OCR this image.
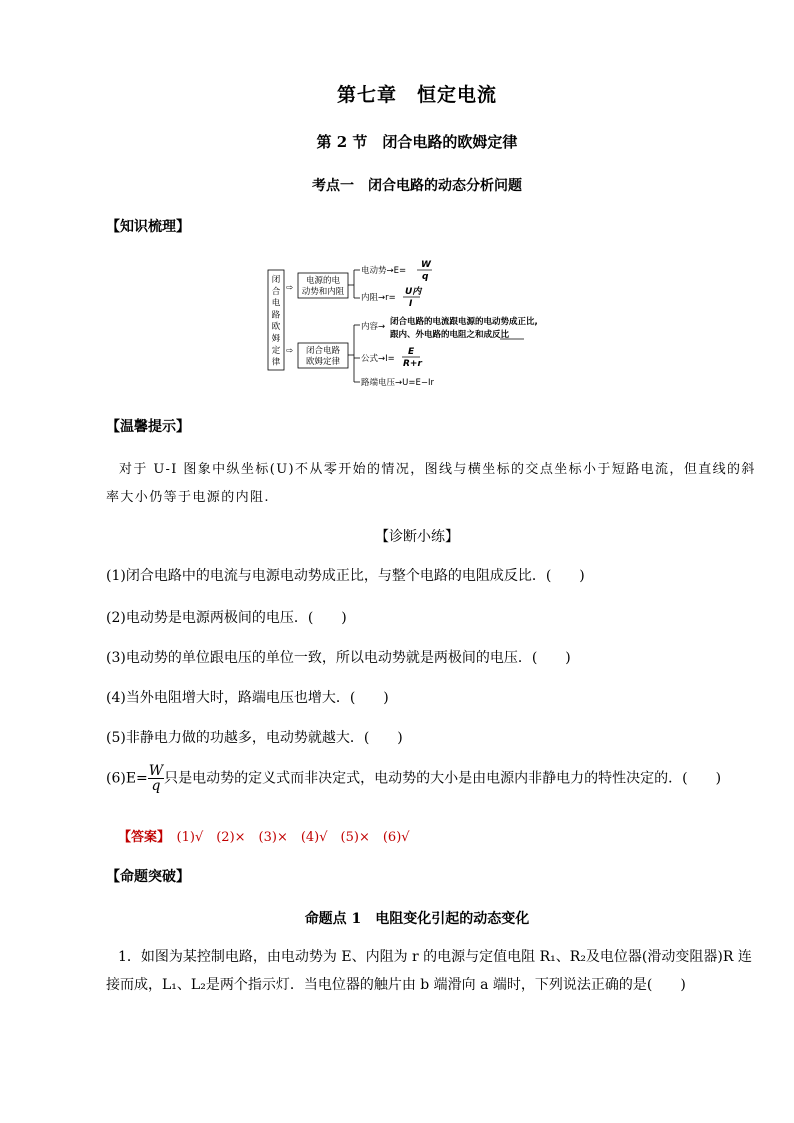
第七章　恒定电流
第 2 节　闭合电路的欧姆定律
考点一　闭合电路的动态分析问题
【知识梳理】
闭
合
电
路
欧
姆
定
律
⇨
⇨
电源的电
动势和内阻
闭合电路
欧姆定律
电动势→E=
W
q
内阻→r=
U内
I
内容→ 闭合电路的电流跟电源的电动势成正比,
跟内、外电路的电阻之和成反比
公式→I=
E
R+r
路端电压→U=E−Ir
【温馨提示】
对于 U-I 图象中纵坐标(U)不从零开始的情况，图线与横坐标的交点坐标小于短路电流，但直线的斜
率大小仍等于电源的内阻.
【诊断小练】
(1)闭合电路中的电流与电源电动势成正比，与整个电路的电阻成反比．(　　)
(2)电动势是电源两极间的电压．(　　)
(3)电动势的单位跟电压的单位一致，所以电动势就是两极间的电压．(　　)
(4)当外电阻增大时，路端电压也增大．(　　)
(5)非静电力做的功越多，电动势就越大．(　　)
$(6)E= \frac{W}{q}$ 只是电动势的定义式而非决定式，电动势的大小是由电源内非静电力的特性决定的．(　　)
【答案】　 (1)√　(2)×　(3)×　(4)√　(5)×　(6)√
【命题突破】
命题点 1　电阻变化引起的动态变化
1．如图为某控制电路，由电动势为 E、内阻为 r 的电源与定值电阻 R₁、R₂及电位器(滑动变阻器)R 连
接而成，L₁、L₂是两个指示灯．当电位器的触片由 b 端滑向 a 端时，下列说法正确的是(　　)
